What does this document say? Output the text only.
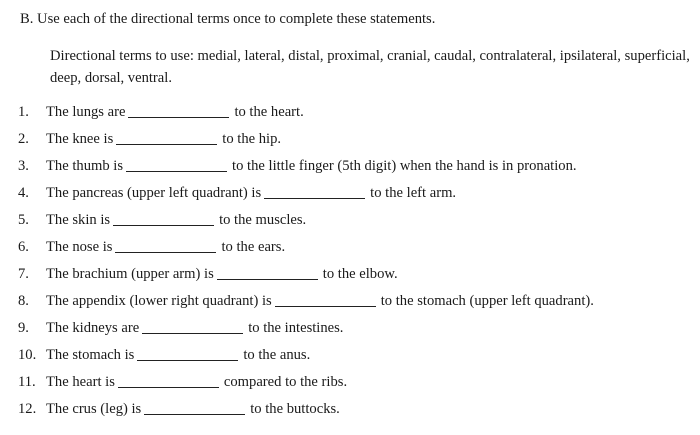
B. Use each of the directional terms once to complete these statements.
Directional terms to use: medial, lateral, distal, proximal, cranial, caudal, contralateral, ipsilateral, superficial, deep, dorsal, ventral.
1. The lungs are	to the heart.
2. The knee is	to the hip.
3. The thumb is	to the little finger (5th digit) when the hand is in pronation.
4. The pancreas (upper left quadrant) is	to the left arm.
5. The skin is	to the muscles.
6. The nose is	to the ears.
7. The brachium (upper arm) is	to the elbow.
8. The appendix (lower right quadrant) is	to the stomach (upper left quadrant).
9. The kidneys are	to the intestines.
10. The stomach is	to the anus.
11. The heart is	compared to the ribs.
12. The crus (leg) is	to the buttocks.
